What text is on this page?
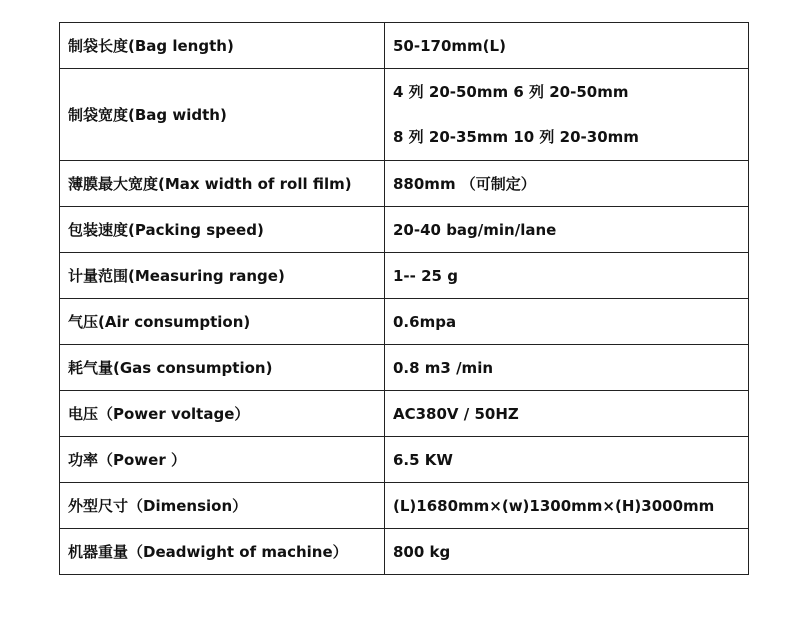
制袋长度(Bag length)	50-170mm(L)
制袋宽度(Bag width)	4 列 20-50mm 6 列 20-50mm
8 列 20-35mm 10 列 20-30mm

薄膜最大宽度(Max width of roll film)	880mm （可制定）
包装速度(Packing speed)	20-40 bag/min/lane
计量范围(Measuring range)	1-- 25 g
气压(Air consumption)	0.6mpa
耗气量(Gas consumption)	0.8 m3 /min
电压（Power voltage）	AC380V / 50HZ
功率（Power ）	6.5 KW
外型尺寸（Dimension）	(L)1680mm×(w)1300mm×(H)3000mm
机器重量（Deadwight of machine）	800 kg
